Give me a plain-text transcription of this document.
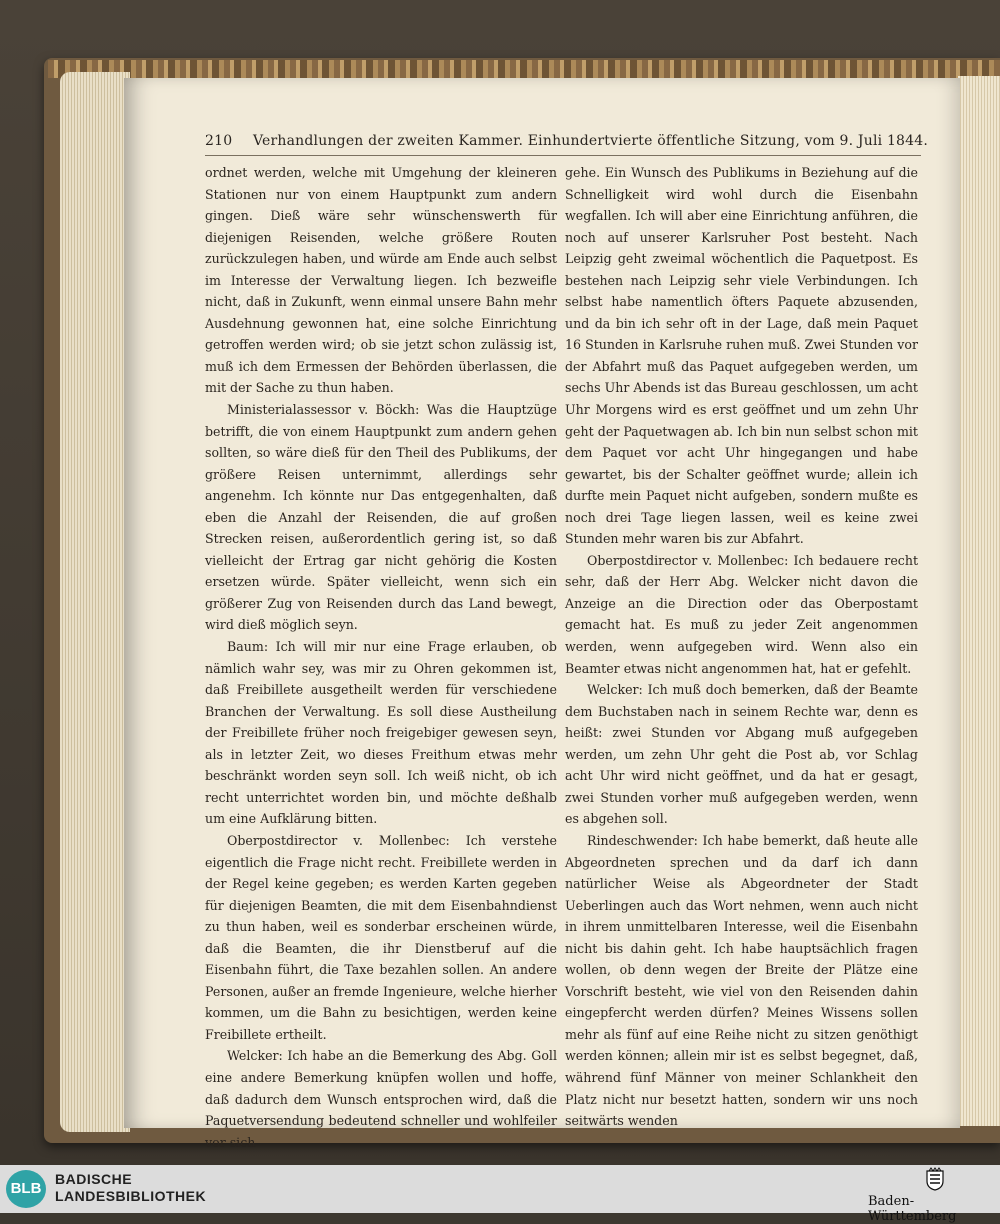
210 Verhandlungen der zweiten Kammer. Einhundertvierte öffentliche Sitzung, vom 9. Juli 1844.

ordnet werden, welche mit Umgehung der kleineren Stationen nur von einem Hauptpunkt zum andern gingen. Dieß wäre sehr wünschenswerth für diejenigen Reisenden, welche größere Routen zurückzulegen haben, und würde am Ende auch selbst im Interesse der Verwaltung liegen. Ich bezweifle nicht, daß in Zukunft, wenn einmal unsere Bahn mehr Ausdehnung gewonnen hat, eine solche Einrichtung getroffen werden wird; ob sie jetzt schon zulässig ist, muß ich dem Ermessen der Behörden überlassen, die mit der Sache zu thun haben.

Ministerialassessor v. Böckh: Was die Hauptzüge betrifft, die von einem Hauptpunkt zum andern gehen sollten, so wäre dieß für den Theil des Publikums, der größere Reisen unternimmt, allerdings sehr angenehm. Ich könnte nur Das entgegenhalten, daß eben die Anzahl der Reisenden, die auf großen Strecken reisen, außerordentlich gering ist, so daß vielleicht der Ertrag gar nicht gehörig die Kosten ersetzen würde. Später vielleicht, wenn sich ein größerer Zug von Reisenden durch das Land bewegt, wird dieß möglich seyn.

Baum: Ich will mir nur eine Frage erlauben, ob nämlich wahr sey, was mir zu Ohren gekommen ist, daß Freibillete ausgetheilt werden für verschiedene Branchen der Verwaltung. Es soll diese Austheilung der Freibillete früher noch freigebiger gewesen seyn, als in letzter Zeit, wo dieses Freithum etwas mehr beschränkt worden seyn soll. Ich weiß nicht, ob ich recht unterrichtet worden bin, und möchte deßhalb um eine Aufklärung bitten.

Oberpostdirector v. Mollenbec: Ich verstehe eigentlich die Frage nicht recht. Freibillete werden in der Regel keine gegeben; es werden Karten gegeben für diejenigen Beamten, die mit dem Eisenbahndienst zu thun haben, weil es sonderbar erscheinen würde, daß die Beamten, die ihr Dienstberuf auf die Eisenbahn führt, die Taxe bezahlen sollen. An andere Personen, außer an fremde Ingenieure, welche hierher kommen, um die Bahn zu besichtigen, werden keine Freibillete ertheilt.

Welcker: Ich habe an die Bemerkung des Abg. Goll eine andere Bemerkung knüpfen wollen und hoffe, daß dadurch dem Wunsch entsprochen wird, daß die Paquetversendung bedeutend schneller und wohlfeiler vor sich

gehe. Ein Wunsch des Publikums in Beziehung auf die Schnelligkeit wird wohl durch die Eisenbahn wegfallen. Ich will aber eine Einrichtung anführen, die noch auf unserer Karlsruher Post besteht. Nach Leipzig geht zweimal wöchentlich die Paquetpost. Es bestehen nach Leipzig sehr viele Verbindungen. Ich selbst habe namentlich öfters Paquete abzusenden, und da bin ich sehr oft in der Lage, daß mein Paquet 16 Stunden in Karlsruhe ruhen muß. Zwei Stunden vor der Abfahrt muß das Paquet aufgegeben werden, um sechs Uhr Abends ist das Bureau geschlossen, um acht Uhr Morgens wird es erst geöffnet und um zehn Uhr geht der Paquetwagen ab. Ich bin nun selbst schon mit dem Paquet vor acht Uhr hingegangen und habe gewartet, bis der Schalter geöffnet wurde; allein ich durfte mein Paquet nicht aufgeben, sondern mußte es noch drei Tage liegen lassen, weil es keine zwei Stunden mehr waren bis zur Abfahrt.

Oberpostdirector v. Mollenbec: Ich bedauere recht sehr, daß der Herr Abg. Welcker nicht davon die Anzeige an die Direction oder das Oberpostamt gemacht hat. Es muß zu jeder Zeit angenommen werden, wenn aufgegeben wird. Wenn also ein Beamter etwas nicht angenommen hat, hat er gefehlt.

Welcker: Ich muß doch bemerken, daß der Beamte dem Buchstaben nach in seinem Rechte war, denn es heißt: zwei Stunden vor Abgang muß aufgegeben werden, um zehn Uhr geht die Post ab, vor Schlag acht Uhr wird nicht geöffnet, und da hat er gesagt, zwei Stunden vorher muß aufgegeben werden, wenn es abgehen soll.

Rindeschwender: Ich habe bemerkt, daß heute alle Abgeordneten sprechen und da darf ich dann natürlicher Weise als Abgeordneter der Stadt Ueberlingen auch das Wort nehmen, wenn auch nicht in ihrem unmittelbaren Interesse, weil die Eisenbahn nicht bis dahin geht. Ich habe hauptsächlich fragen wollen, ob denn wegen der Breite der Plätze eine Vorschrift besteht, wie viel von den Reisenden dahin eingepfercht werden dürfen? Meines Wissens sollen mehr als fünf auf eine Reihe nicht zu sitzen genöthigt werden können; allein mir ist es selbst begegnet, daß, während fünf Männer von meiner Schlankheit den Platz nicht nur besetzt hatten, sondern wir uns noch seitwärts wenden

BLB
BADISCHE
LANDESBIBLIOTHEK	Baden-Württemberg
